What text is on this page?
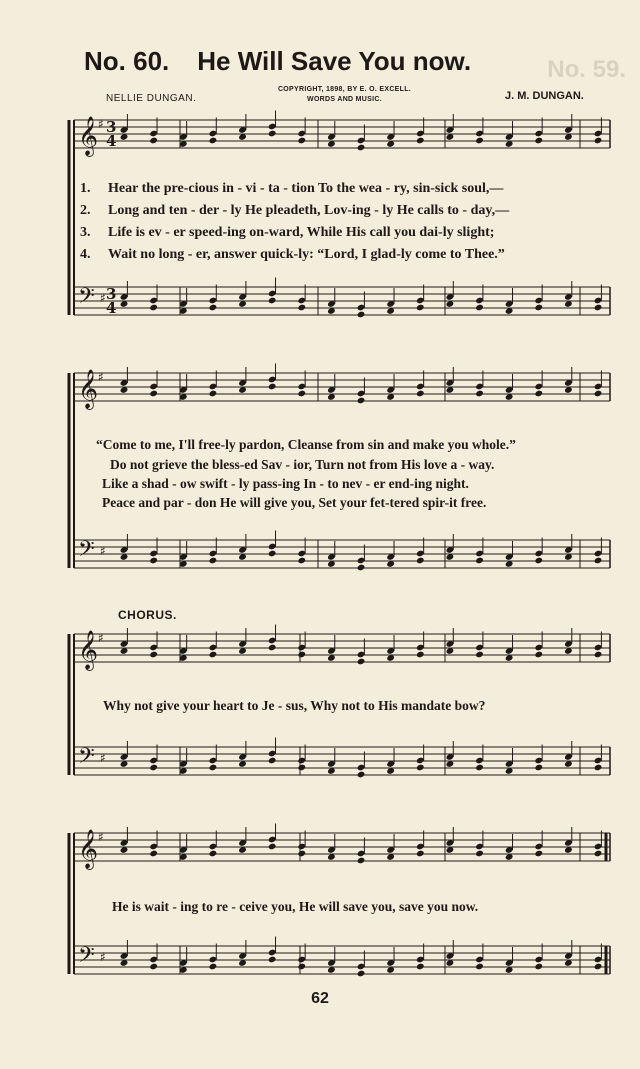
No. 60. He Will Save You now.	No. 59.
NELLIE DUNGAN.
COPYRIGHT, 1898, BY E. O. EXCELL.
WORDS AND MUSIC.	J. M. DUNGAN.
𝄞
𝄢
♯
♯
3
3
4
4
𝄞
𝄢
♯
♯
𝄞
𝄢
♯
♯
𝄞
𝄢
♯
♯
1. Hear the pre-cious in - vi - ta - tion To the wea - ry, sin-sick soul,—
2. Long and ten - der - ly He pleadeth, Lov-ing - ly He calls to - day,—
3. Life is ev - er speed-ing on-ward, While His call you dai-ly slight;
4. Wait no long - er, answer quick-ly: “Lord, I glad-ly come to Thee.”
“Come to me, I'll free-ly pardon, Cleanse from sin and make you whole.”
Do not grieve the bless-ed Sav - ior, Turn not from His love a - way.
Like a shad - ow swift - ly pass-ing In - to nev - er end-ing night.
Peace and par - don He will give you, Set your fet-tered spir-it free.
CHORUS.
Why not give your heart to Je - sus, Why not to His mandate bow?
He is wait - ing to re - ceive you, He will save you, save you now.
62
